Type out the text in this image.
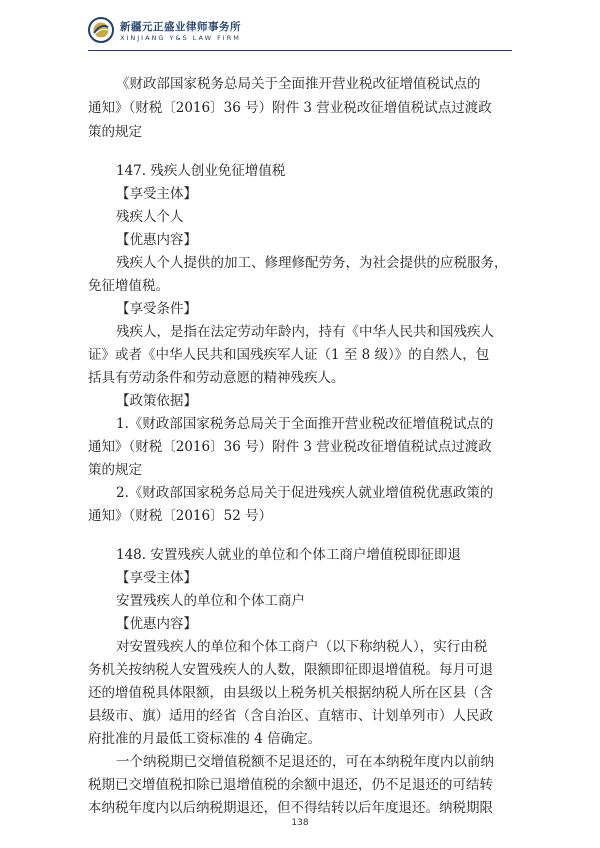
新疆元正盛业律师事务所
XINJIANG Y&S LAW FIRM
《财政部国家税务总局关于全面推开营业税改征增值税试点的
通知》（财税〔2016〕36 号）附件 3 营业税改征增值税试点过渡政
策的规定
147. 残疾人创业免征增值税
【享受主体】
残疾人个人
【优惠内容】
残疾人个人提供的加工、修理修配劳务，为社会提供的应税服务，
免征增值税。
【享受条件】
残疾人，是指在法定劳动年龄内，持有《中华人民共和国残疾人
证》或者《中华人民共和国残疾军人证（1 至 8 级）》的自然人，包
括具有劳动条件和劳动意愿的精神残疾人。
【政策依据】
1.《财政部国家税务总局关于全面推开营业税改征增值税试点的
通知》（财税〔2016〕36 号）附件 3 营业税改征增值税试点过渡政
策的规定
2.《财政部国家税务总局关于促进残疾人就业增值税优惠政策的
通知》（财税〔2016〕52 号）
148. 安置残疾人就业的单位和个体工商户增值税即征即退
【享受主体】
安置残疾人的单位和个体工商户
【优惠内容】
对安置残疾人的单位和个体工商户（以下称纳税人），实行由税
务机关按纳税人安置残疾人的人数，限额即征即退增值税。每月可退
还的增值税具体限额，由县级以上税务机关根据纳税人所在区县（含
县级市、旗）适用的经省（含自治区、直辖市、计划单列市）人民政
府批准的月最低工资标准的 4 倍确定。
一个纳税期已交增值税额不足退还的，可在本纳税年度内以前纳
税期已交增值税扣除已退增值税的余额中退还，仍不足退还的可结转
本纳税年度内以后纳税期退还，但不得结转以后年度退还。纳税期限
138
